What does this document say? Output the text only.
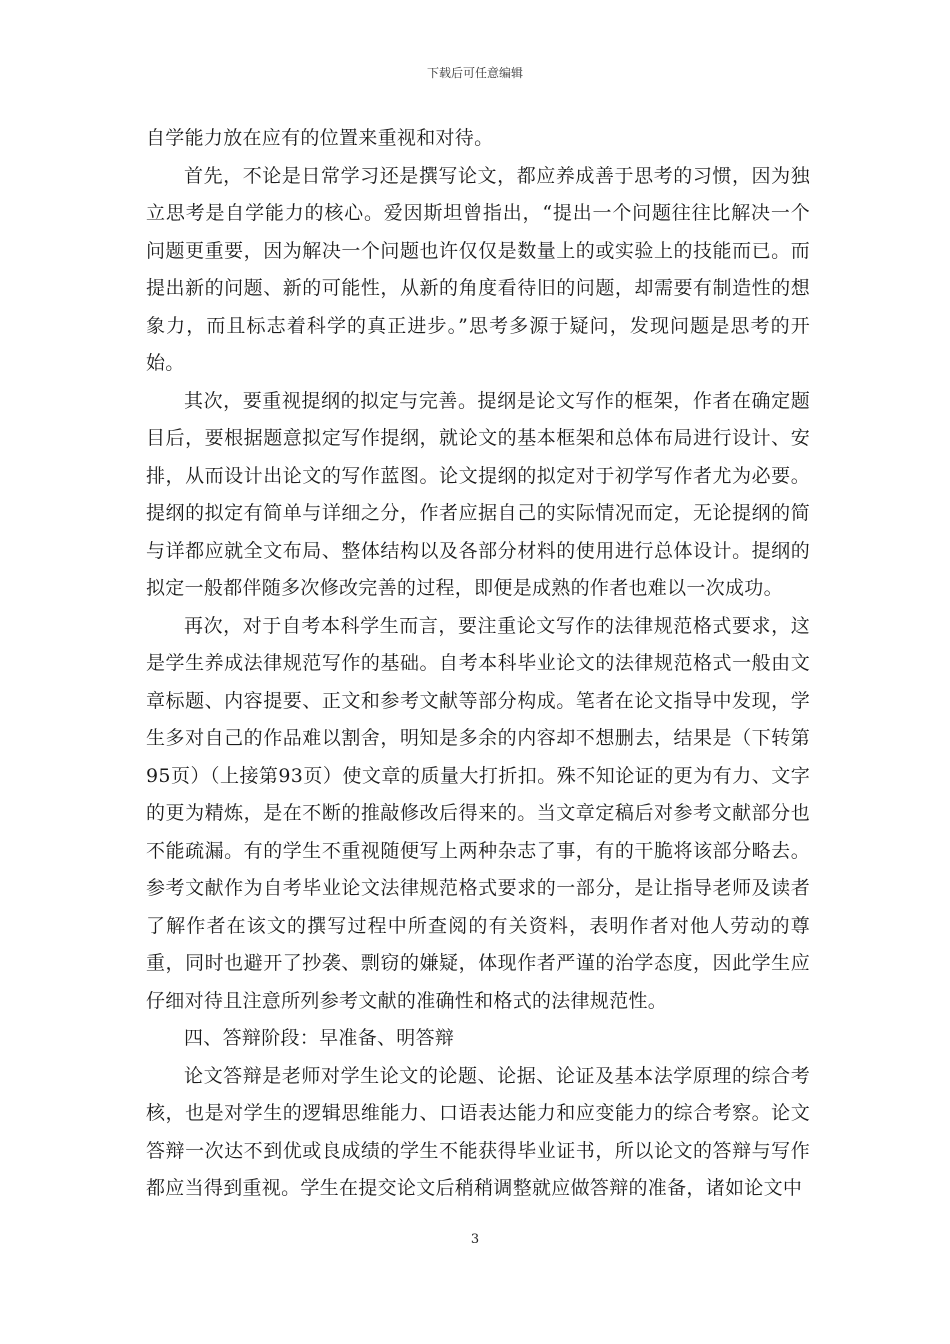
下载后可任意编辑

自学能力放在应有的位置来重视和对待。

首先，不论是日常学习还是撰写论文，都应养成善于思考的习惯，因为独立思考是自学能力的核心。爱因斯坦曾指出，“提出一个问题往往比解决一个问题更重要，因为解决一个问题也许仅仅是数量上的或实验上的技能而已。而提出新的问题、新的可能性，从新的角度看待旧的问题，却需要有制造性的想象力，而且标志着科学的真正进步。”思考多源于疑问，发现问题是思考的开始。

其次，要重视提纲的拟定与完善。提纲是论文写作的框架，作者在确定题目后，要根据题意拟定写作提纲，就论文的基本框架和总体布局进行设计、安排，从而设计出论文的写作蓝图。论文提纲的拟定对于初学写作者尤为必要。提纲的拟定有简单与详细之分，作者应据自己的实际情况而定，无论提纲的简与详都应就全文布局、整体结构以及各部分材料的使用进行总体设计。提纲的拟定一般都伴随多次修改完善的过程，即便是成熟的作者也难以一次成功。

再次，对于自考本科学生而言，要注重论文写作的法律规范格式要求，这是学生养成法律规范写作的基础。自考本科毕业论文的法律规范格式一般由文章标题、内容提要、正文和参考文献等部分构成。笔者在论文指导中发现，学生多对自己的作品难以割舍，明知是多余的内容却不想删去，结果是（下转第95页）（上接第93页）使文章的质量大打折扣。殊不知论证的更为有力、文字的更为精炼，是在不断的推敲修改后得来的。当文章定稿后对参考文献部分也不能疏漏。有的学生不重视随便写上两种杂志了事，有的干脆将该部分略去。参考文献作为自考毕业论文法律规范格式要求的一部分，是让指导老师及读者了解作者在该文的撰写过程中所查阅的有关资料，表明作者对他人劳动的尊重，同时也避开了抄袭、剽窃的嫌疑，体现作者严谨的治学态度，因此学生应仔细对待且注意所列参考文献的准确性和格式的法律规范性。

四、答辩阶段：早准备、明答辩

论文答辩是老师对学生论文的论题、论据、论证及基本法学原理的综合考核，也是对学生的逻辑思维能力、口语表达能力和应变能力的综合考察。论文答辩一次达不到优或良成绩的学生不能获得毕业证书，所以论文的答辩与写作都应当得到重视。学生在提交论文后稍稍调整就应做答辩的准备，诸如论文中

3
